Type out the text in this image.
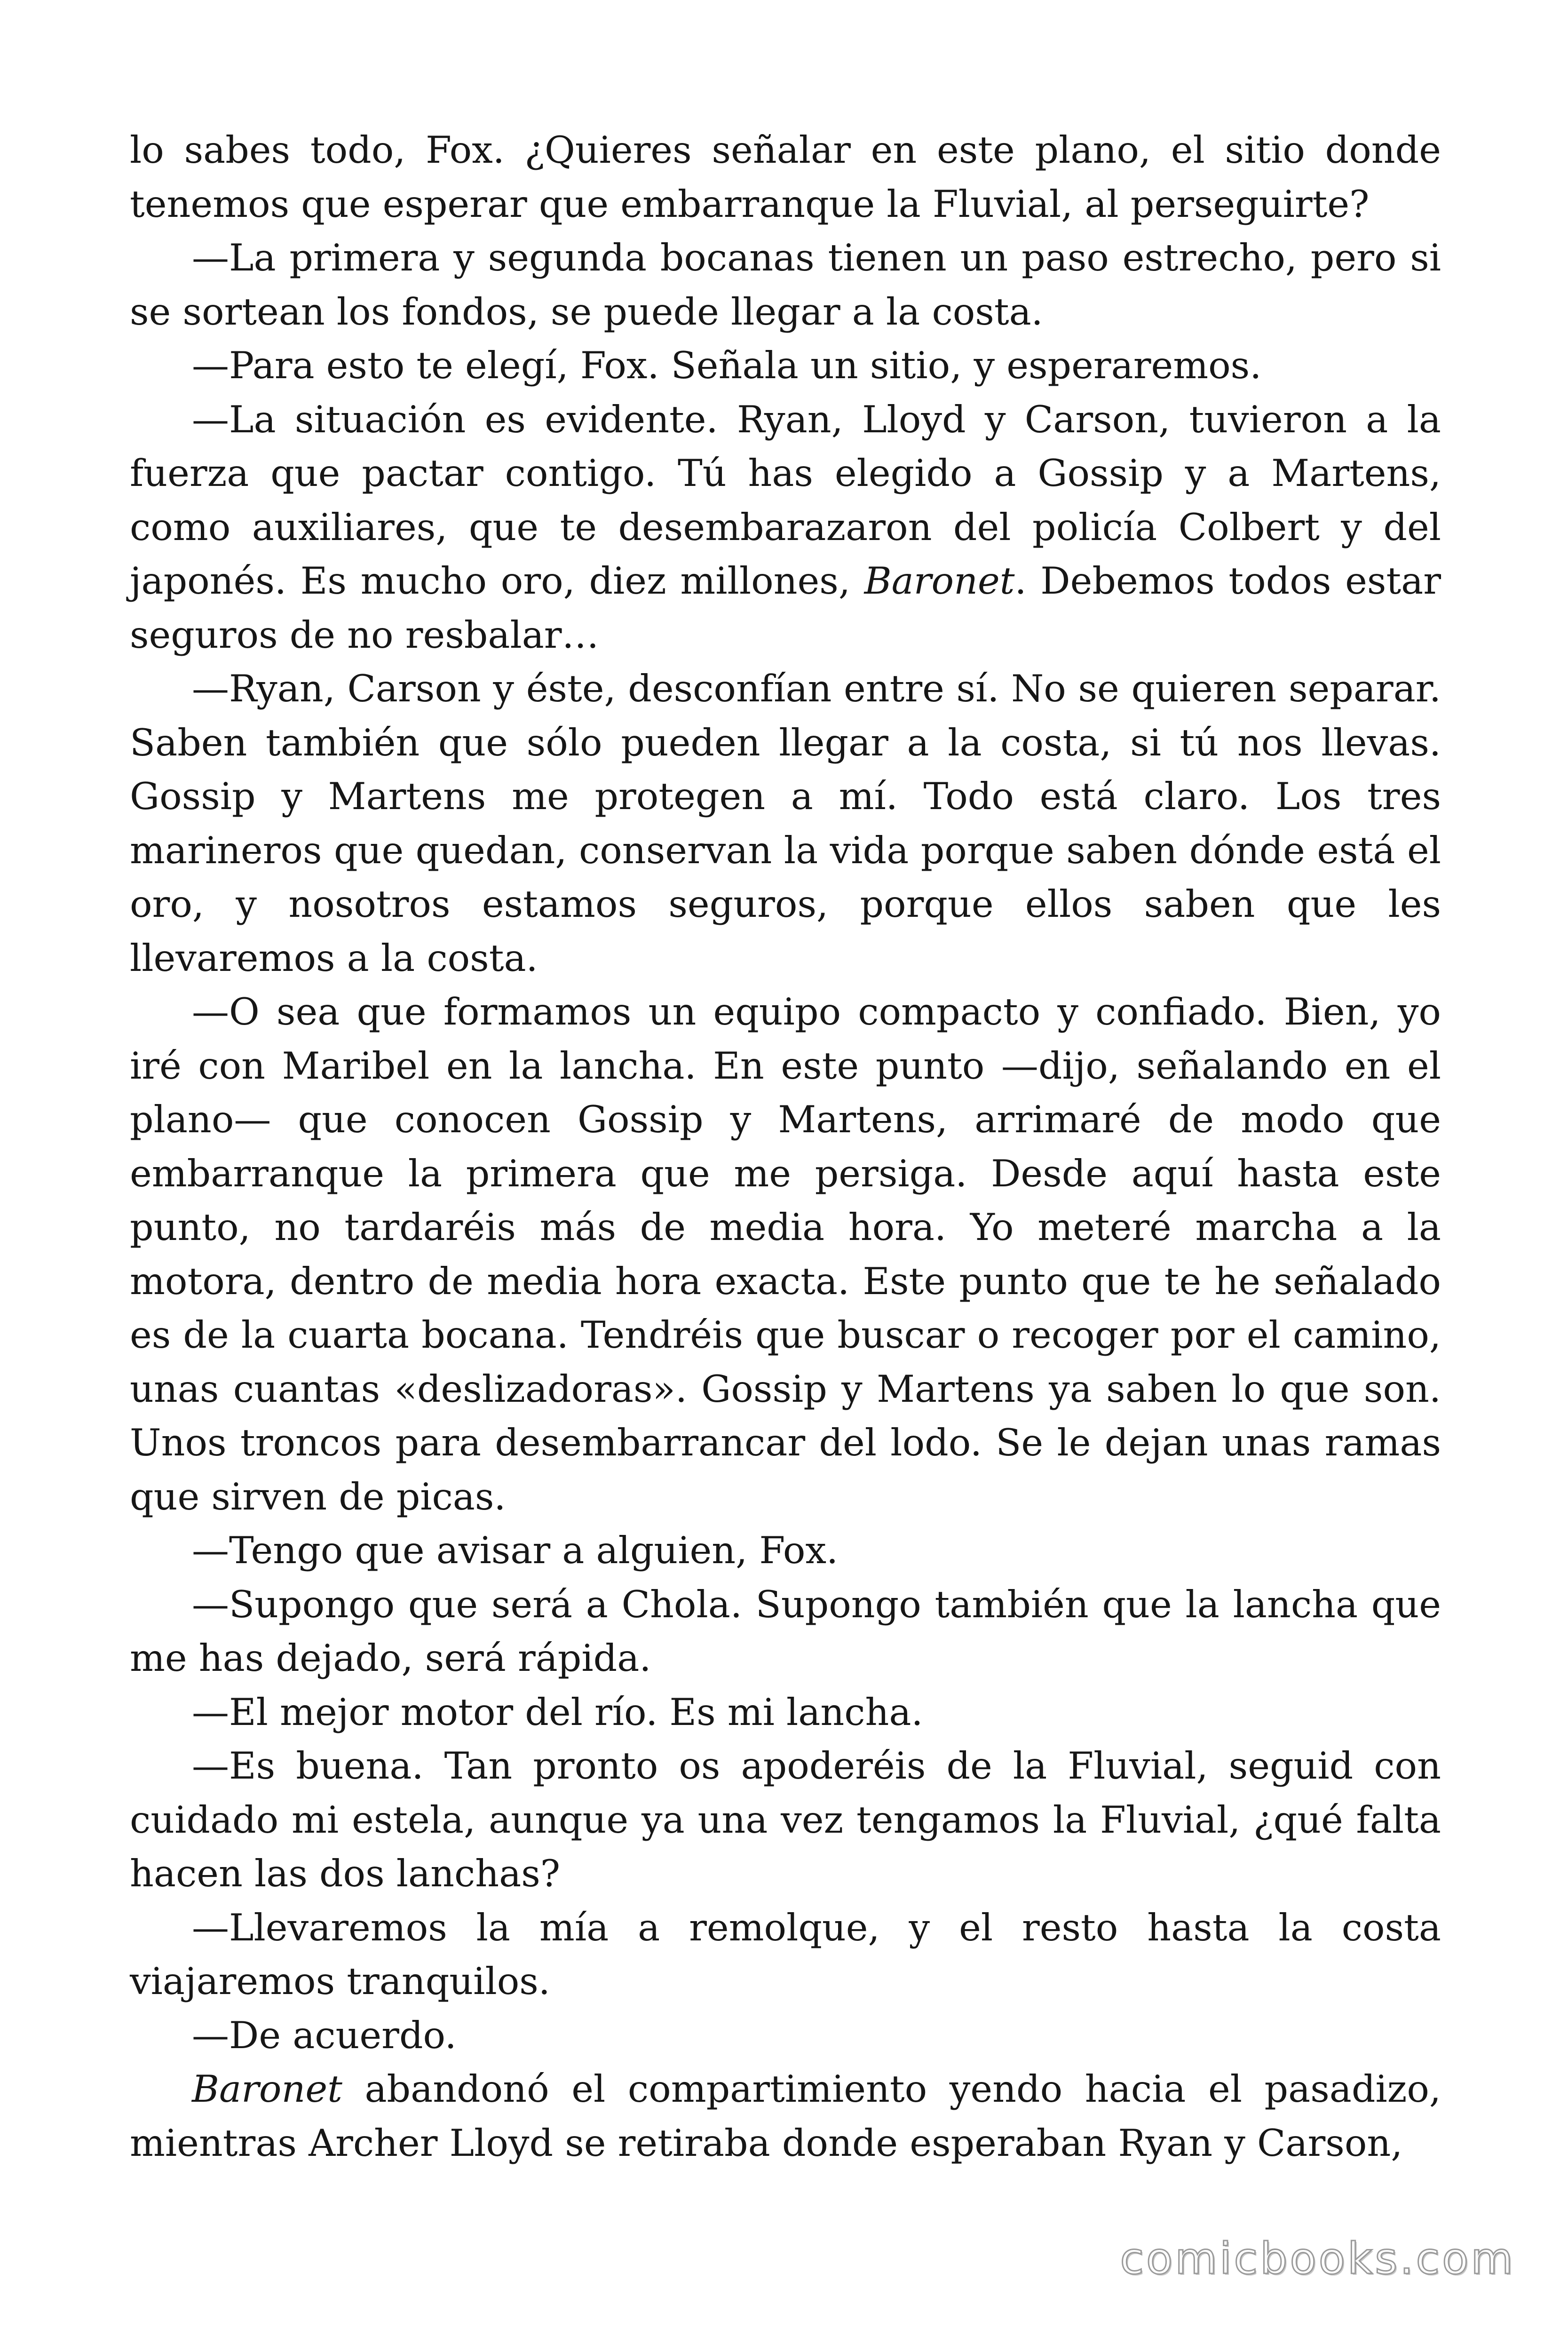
lo sabes todo, Fox. ¿Quieres señalar en este plano, el sitio donde tenemos que esperar que embarranque la Fluvial, al perseguirte?

—La primera y segunda bocanas tienen un paso estrecho, pero si se sortean los fondos, se puede llegar a la costa.

—Para esto te elegí, Fox. Señala un sitio, y esperaremos.

—La situación es evidente. Ryan, Lloyd y Carson, tuvieron a la fuerza que pactar contigo. Tú has elegido a Gossip y a Martens, como auxiliares, que te desembarazaron del policía Colbert y del japonés. Es mucho oro, diez millones, Baronet. Debemos todos estar seguros de no resbalar…

—Ryan, Carson y éste, desconfían entre sí. No se quieren separar. Saben también que sólo pueden llegar a la costa, si tú nos llevas. Gossip y Martens me protegen a mí. Todo está claro. Los tres marineros que quedan, conservan la vida porque saben dónde está el oro, y nosotros estamos seguros, porque ellos saben que les llevaremos a la costa.

—O sea que formamos un equipo compacto y confiado. Bien, yo iré con Maribel en la lancha. En este punto —dijo, señalando en el plano— que conocen Gossip y Martens, arrimaré de modo que embarranque la primera que me persiga. Desde aquí hasta este punto, no tardaréis más de media hora. Yo meteré marcha a la motora, dentro de media hora exacta. Este punto que te he señalado es de la cuarta bocana. Tendréis que buscar o recoger por el camino, unas cuantas «deslizadoras». Gossip y Martens ya saben lo que son. Unos troncos para desembarrancar del lodo. Se le dejan unas ramas que sirven de picas.

—Tengo que avisar a alguien, Fox.

—Supongo que será a Chola. Supongo también que la lancha que me has dejado, será rápida.

—El mejor motor del río. Es mi lancha.

—Es buena. Tan pronto os apoderéis de la Fluvial, seguid con cuidado mi estela, aunque ya una vez tengamos la Fluvial, ¿qué falta hacen las dos lanchas?

—Llevaremos la mía a remolque, y el resto hasta la costa viajaremos tranquilos.

—De acuerdo.

Baronet abandonó el compartimiento yendo hacia el pasadizo, mientras Archer Lloyd se retiraba donde esperaban Ryan y Carson,

comicbooks.com
